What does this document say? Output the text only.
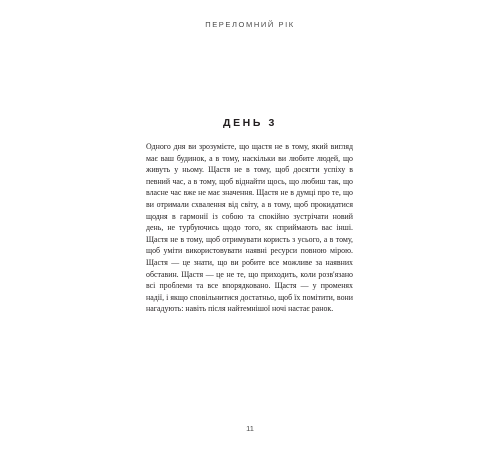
ПЕРЕЛОМНИЙ РІК
ДЕНЬ 3

Одного дня ви зрозумієте, що щастя не в тому, який вигляд має ваш будинок, а в тому, наскільки ви любите людей, що живуть у ньому. Щастя не в тому, щоб досягти успіху в певний час, а в тому, щоб віднайти щось, що любиш так, що власне час вже не має значення. Щастя не в думці про те, що ви отримали схвалення від світу, а в тому, щоб прокидатися щодня в гармонії із собою та спокійно зустрічати новий день, не турбуючись щодо того, як сприймають вас інші. Щастя не в тому, щоб отримувати користь з усього, а в тому, щоб уміти використовувати наявні ресурси повною мірою. Щастя — це знати, що ви робите все можливе за наявних обставин. Щастя — це не те, що приходить, коли розв'язано всі проблеми та все впорядковано. Щастя — у променях надії, і якщо сповільнитися достатньо, щоб їх помітити, вони нагадують: навіть після найтемнішої ночі настає ранок.

11
